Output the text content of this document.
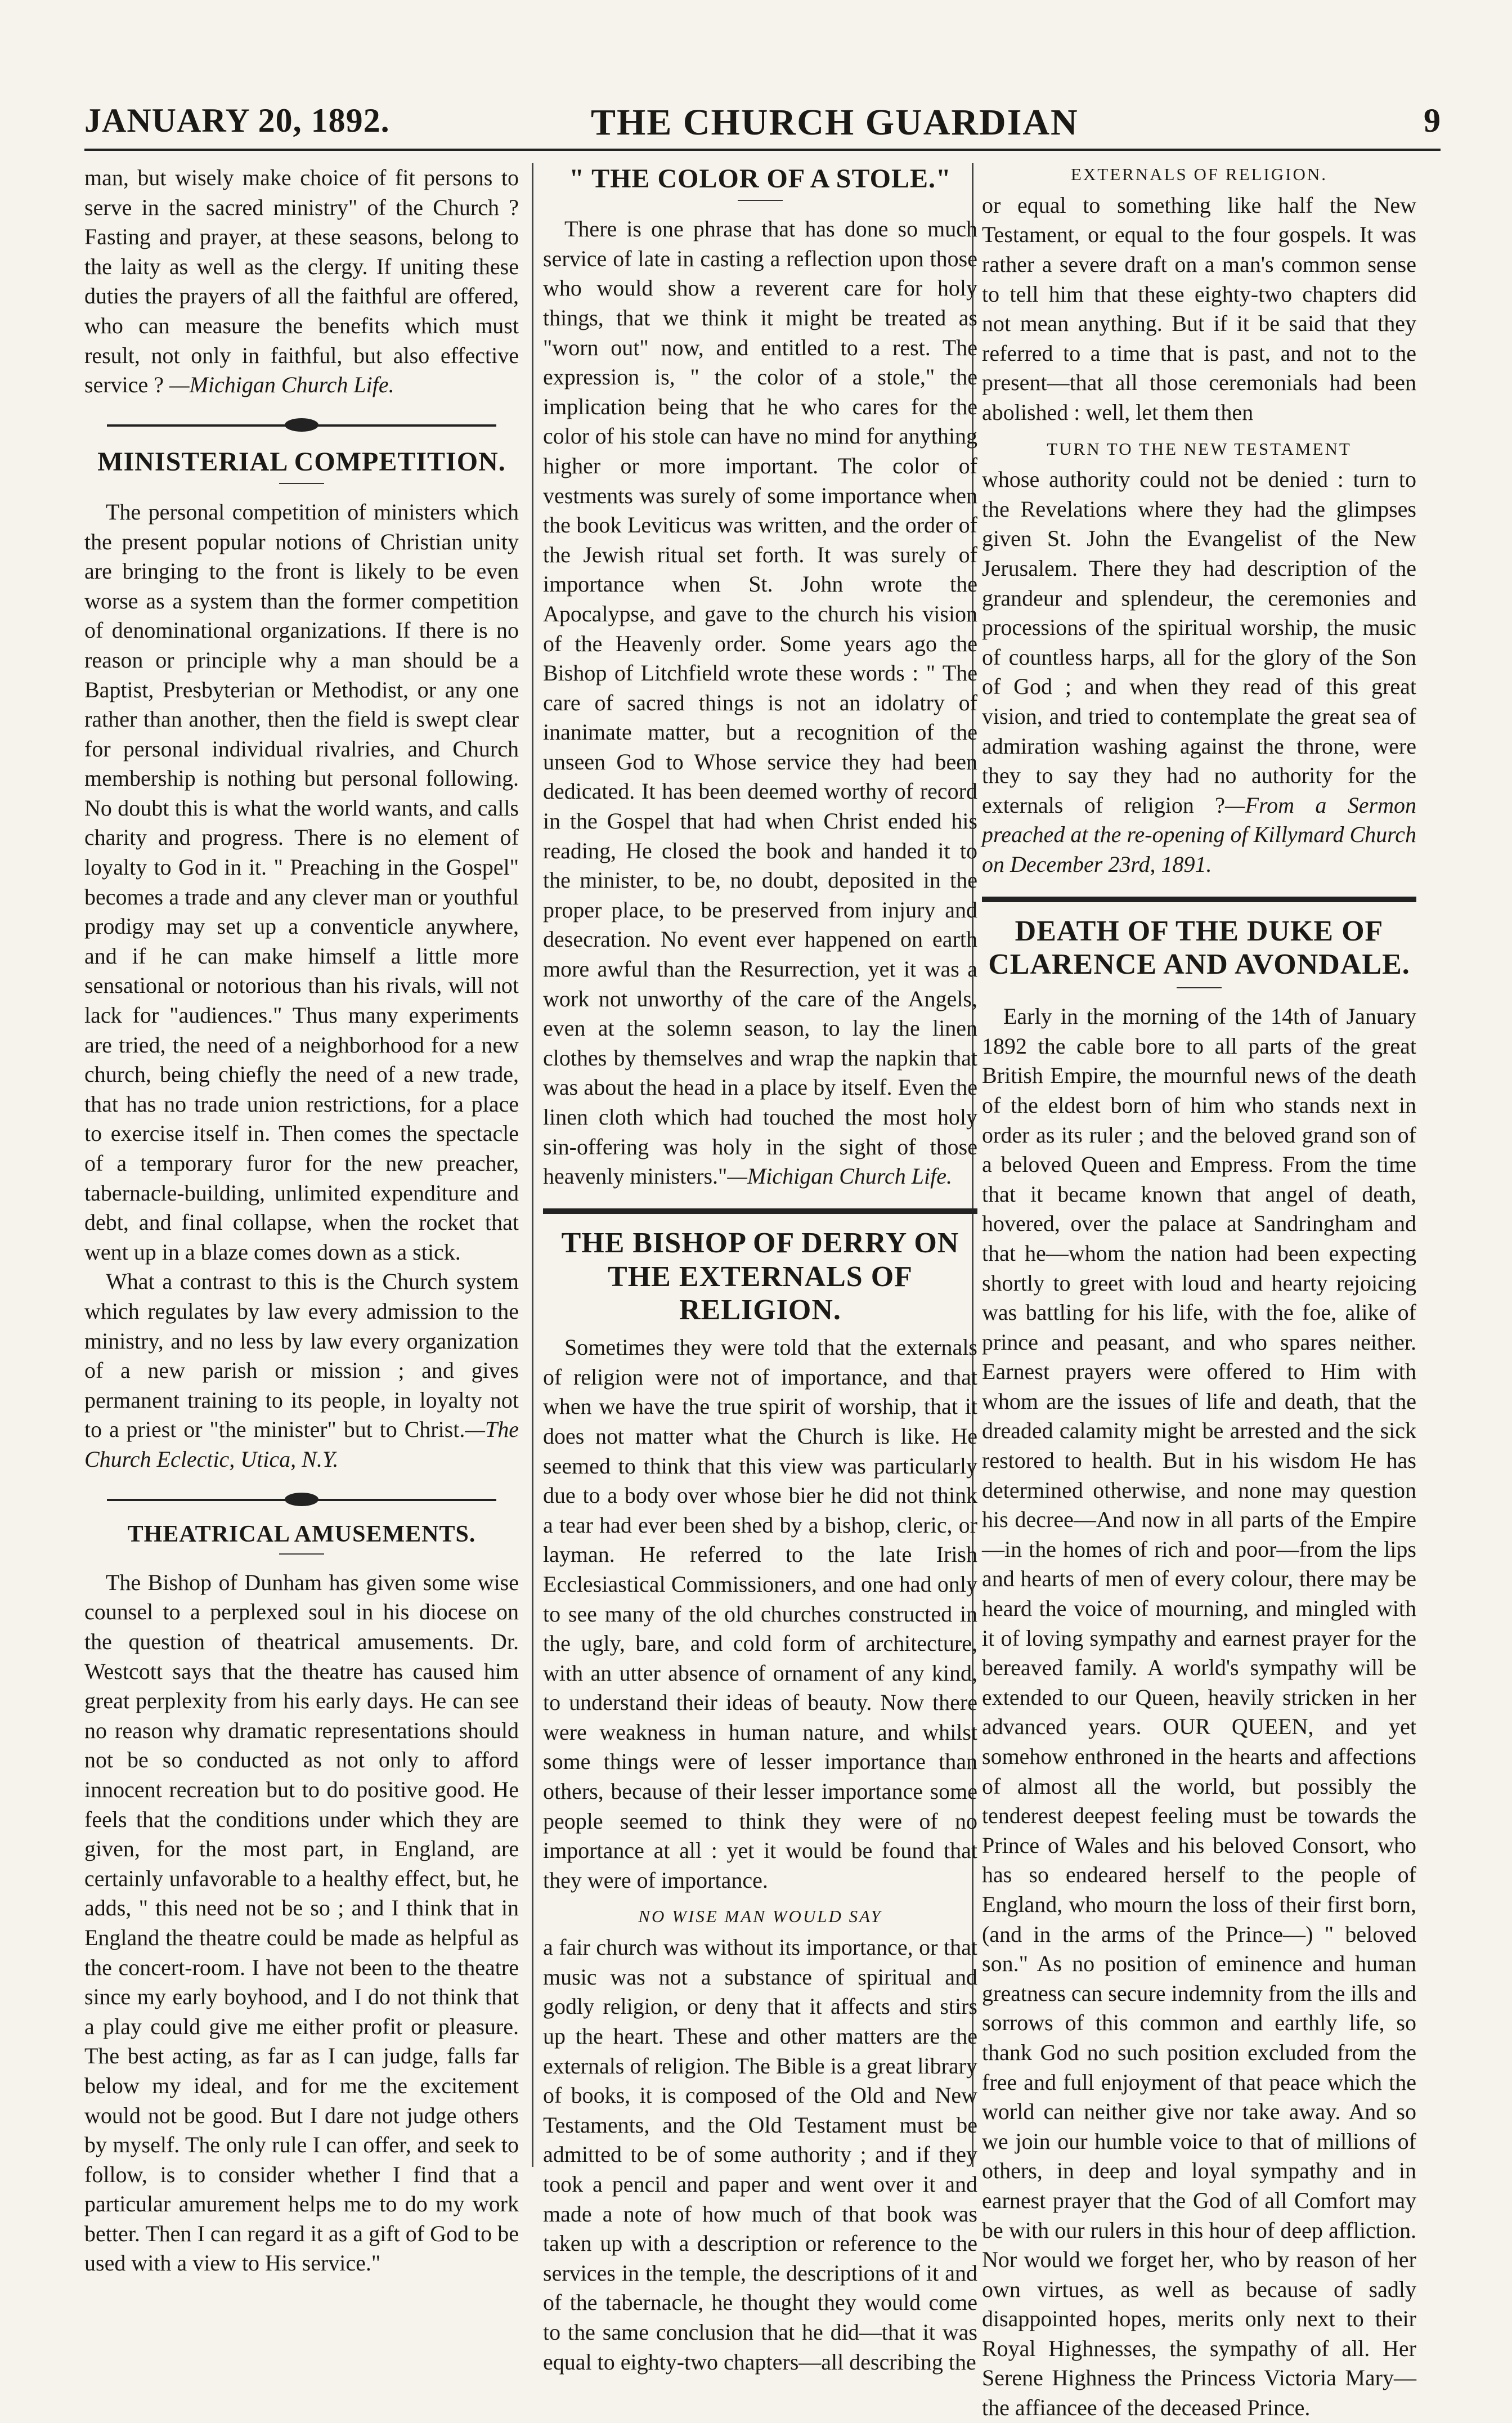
JANUARY 20, 1892.	THE CHURCH GUARDIAN	9

man, but wisely make choice of fit persons to serve in the sacred ministry" of the Church ? Fasting and prayer, at these seasons, belong to the laity as well as the clergy. If uniting these duties the prayers of all the faithful are offered, who can measure the benefits which must result, not only in faithful, but also effective service ? —Michigan Church Life.

MINISTERIAL COMPETITION.

The personal competition of ministers which the present popular notions of Christian unity are bringing to the front is likely to be even worse as a system than the former competition of denominational organizations. If there is no reason or principle why a man should be a Baptist, Presbyterian or Methodist, or any one rather than another, then the field is swept clear for personal individual rivalries, and Church membership is nothing but personal following. No doubt this is what the world wants, and calls charity and progress. There is no element of loyalty to God in it. " Preaching in the Gospel" becomes a trade and any clever man or youthful prodigy may set up a conventicle anywhere, and if he can make himself a little more sensational or notorious than his rivals, will not lack for "audiences." Thus many experiments are tried, the need of a neighborhood for a new church, being chiefly the need of a new trade, that has no trade union restrictions, for a place to exercise itself in. Then comes the spectacle of a temporary furor for the new preacher, tabernacle-building, unlimited expenditure and debt, and final collapse, when the rocket that went up in a blaze comes down as a stick.

What a contrast to this is the Church system which regulates by law every admission to the ministry, and no less by law every organization of a new parish or mission ; and gives permanent training to its people, in loyalty not to a priest or "the minister" but to Christ.—The Church Eclectic, Utica, N.Y.

THEATRICAL AMUSEMENTS.

The Bishop of Dunham has given some wise counsel to a perplexed soul in his diocese on the question of theatrical amusements. Dr. Westcott says that the theatre has caused him great perplexity from his early days. He can see no reason why dramatic representations should not be so conducted as not only to afford innocent recreation but to do positive good. He feels that the conditions under which they are given, for the most part, in England, are certainly unfavorable to a healthy effect, but, he adds, " this need not be so ; and I think that in England the theatre could be made as helpful as the concert-room. I have not been to the theatre since my early boyhood, and I do not think that a play could give me either profit or pleasure. The best acting, as far as I can judge, falls far below my ideal, and for me the excitement would not be good. But I dare not judge others by myself. The only rule I can offer, and seek to follow, is to consider whether I find that a particular amurement helps me to do my work better. Then I can regard it as a gift of God to be used with a view to His service."

" THE COLOR OF A STOLE."

There is one phrase that has done so much service of late in casting a reflection upon those who would show a reverent care for holy things, that we think it might be treated as "worn out" now, and entitled to a rest. The expression is, " the color of a stole," the implication being that he who cares for the color of his stole can have no mind for anything higher or more important. The color of vestments was surely of some importance when the book Leviticus was written, and the order of the Jewish ritual set forth. It was surely of importance when St. John wrote the Apocalypse, and gave to the church his vision of the Heavenly order. Some years ago the Bishop of Litchfield wrote these words : " The care of sacred things is not an idolatry of inanimate matter, but a recognition of the unseen God to Whose service they had been dedicated. It has been deemed worthy of record in the Gospel that had when Christ ended his reading, He closed the book and handed it to the minister, to be, no doubt, deposited in the proper place, to be preserved from injury and desecration. No event ever happened on earth more awful than the Resurrection, yet it was a work not unworthy of the care of the Angels, even at the solemn season, to lay the linen clothes by themselves and wrap the napkin that was about the head in a place by itself. Even the linen cloth which had touched the most holy sin-offering was holy in the sight of those heavenly ministers."—Michigan Church Life.

THE BISHOP OF DERRY ON THE EXTERNALS OF RELIGION.

Sometimes they were told that the externals of religion were not of importance, and that when we have the true spirit of worship, that it does not matter what the Church is like. He seemed to think that this view was particularly due to a body over whose bier he did not think a tear had ever been shed by a bishop, cleric, or layman. He referred to the late Irish Ecclesiastical Commissioners, and one had only to see many of the old churches constructed in the ugly, bare, and cold form of architecture, with an utter absence of ornament of any kind, to understand their ideas of beauty. Now there were weakness in human nature, and whilst some things were of lesser importance than others, because of their lesser importance some people seemed to think they were of no importance at all : yet it would be found that they were of importance.

NO WISE MAN WOULD SAY

a fair church was without its importance, or that music was not a substance of spiritual and godly religion, or deny that it affects and stirs up the heart. These and other matters are the externals of religion. The Bible is a great library of books, it is composed of the Old and New Testaments, and the Old Testament must be admitted to be of some authority ; and if they took a pencil and paper and went over it and made a note of how much of that book was taken up with a description or reference to the services in the temple, the descriptions of it and of the tabernacle, he thought they would come to the same conclusion that he did—that it was equal to eighty-two chapters—all describing the

EXTERNALS OF RELIGION.

or equal to something like half the New Testament, or equal to the four gospels. It was rather a severe draft on a man's common sense to tell him that these eighty-two chapters did not mean anything. But if it be said that they referred to a time that is past, and not to the present—that all those ceremonials had been abolished : well, let them then

TURN TO THE NEW TESTAMENT

whose authority could not be denied : turn to the Revelations where they had the glimpses given St. John the Evangelist of the New Jerusalem. There they had description of the grandeur and splendeur, the ceremonies and processions of the spiritual worship, the music of countless harps, all for the glory of the Son of God ; and when they read of this great vision, and tried to contemplate the great sea of admiration washing against the throne, were they to say they had no authority for the externals of religion ?—From a Sermon preached at the re-opening of Killymard Church on December 23rd, 1891.

DEATH OF THE DUKE OF CLARENCE AND AVONDALE.

Early in the morning of the 14th of January 1892 the cable bore to all parts of the great British Empire, the mournful news of the death of the eldest born of him who stands next in order as its ruler ; and the beloved grand son of a beloved Queen and Empress. From the time that it became known that angel of death, hovered, over the palace at Sandringham and that he—whom the nation had been expecting shortly to greet with loud and hearty rejoicing was battling for his life, with the foe, alike of prince and peasant, and who spares neither. Earnest prayers were offered to Him with whom are the issues of life and death, that the dreaded calamity might be arrested and the sick restored to health. But in his wisdom He has determined otherwise, and none may question his decree—And now in all parts of the Empire—in the homes of rich and poor—from the lips and hearts of men of every colour, there may be heard the voice of mourning, and mingled with it of loving sympathy and earnest prayer for the bereaved family. A world's sympathy will be extended to our Queen, heavily stricken in her advanced years. OUR QUEEN, and yet somehow enthroned in the hearts and affections of almost all the world, but possibly the tenderest deepest feeling must be towards the Prince of Wales and his beloved Consort, who has so endeared herself to the people of England, who mourn the loss of their first born, (and in the arms of the Prince—) " beloved son." As no position of eminence and human greatness can secure indemnity from the ills and sorrows of this common and earthly life, so thank God no such position excluded from the free and full enjoyment of that peace which the world can neither give nor take away. And so we join our humble voice to that of millions of others, in deep and loyal sympathy and in earnest prayer that the God of all Comfort may be with our rulers in this hour of deep affliction. Nor would we forget her, who by reason of her own virtues, as well as because of sadly disappointed hopes, merits only next to their Royal Highnesses, the sympathy of all. Her Serene Highness the Princess Victoria Mary—the affiancee of the deceased Prince.
